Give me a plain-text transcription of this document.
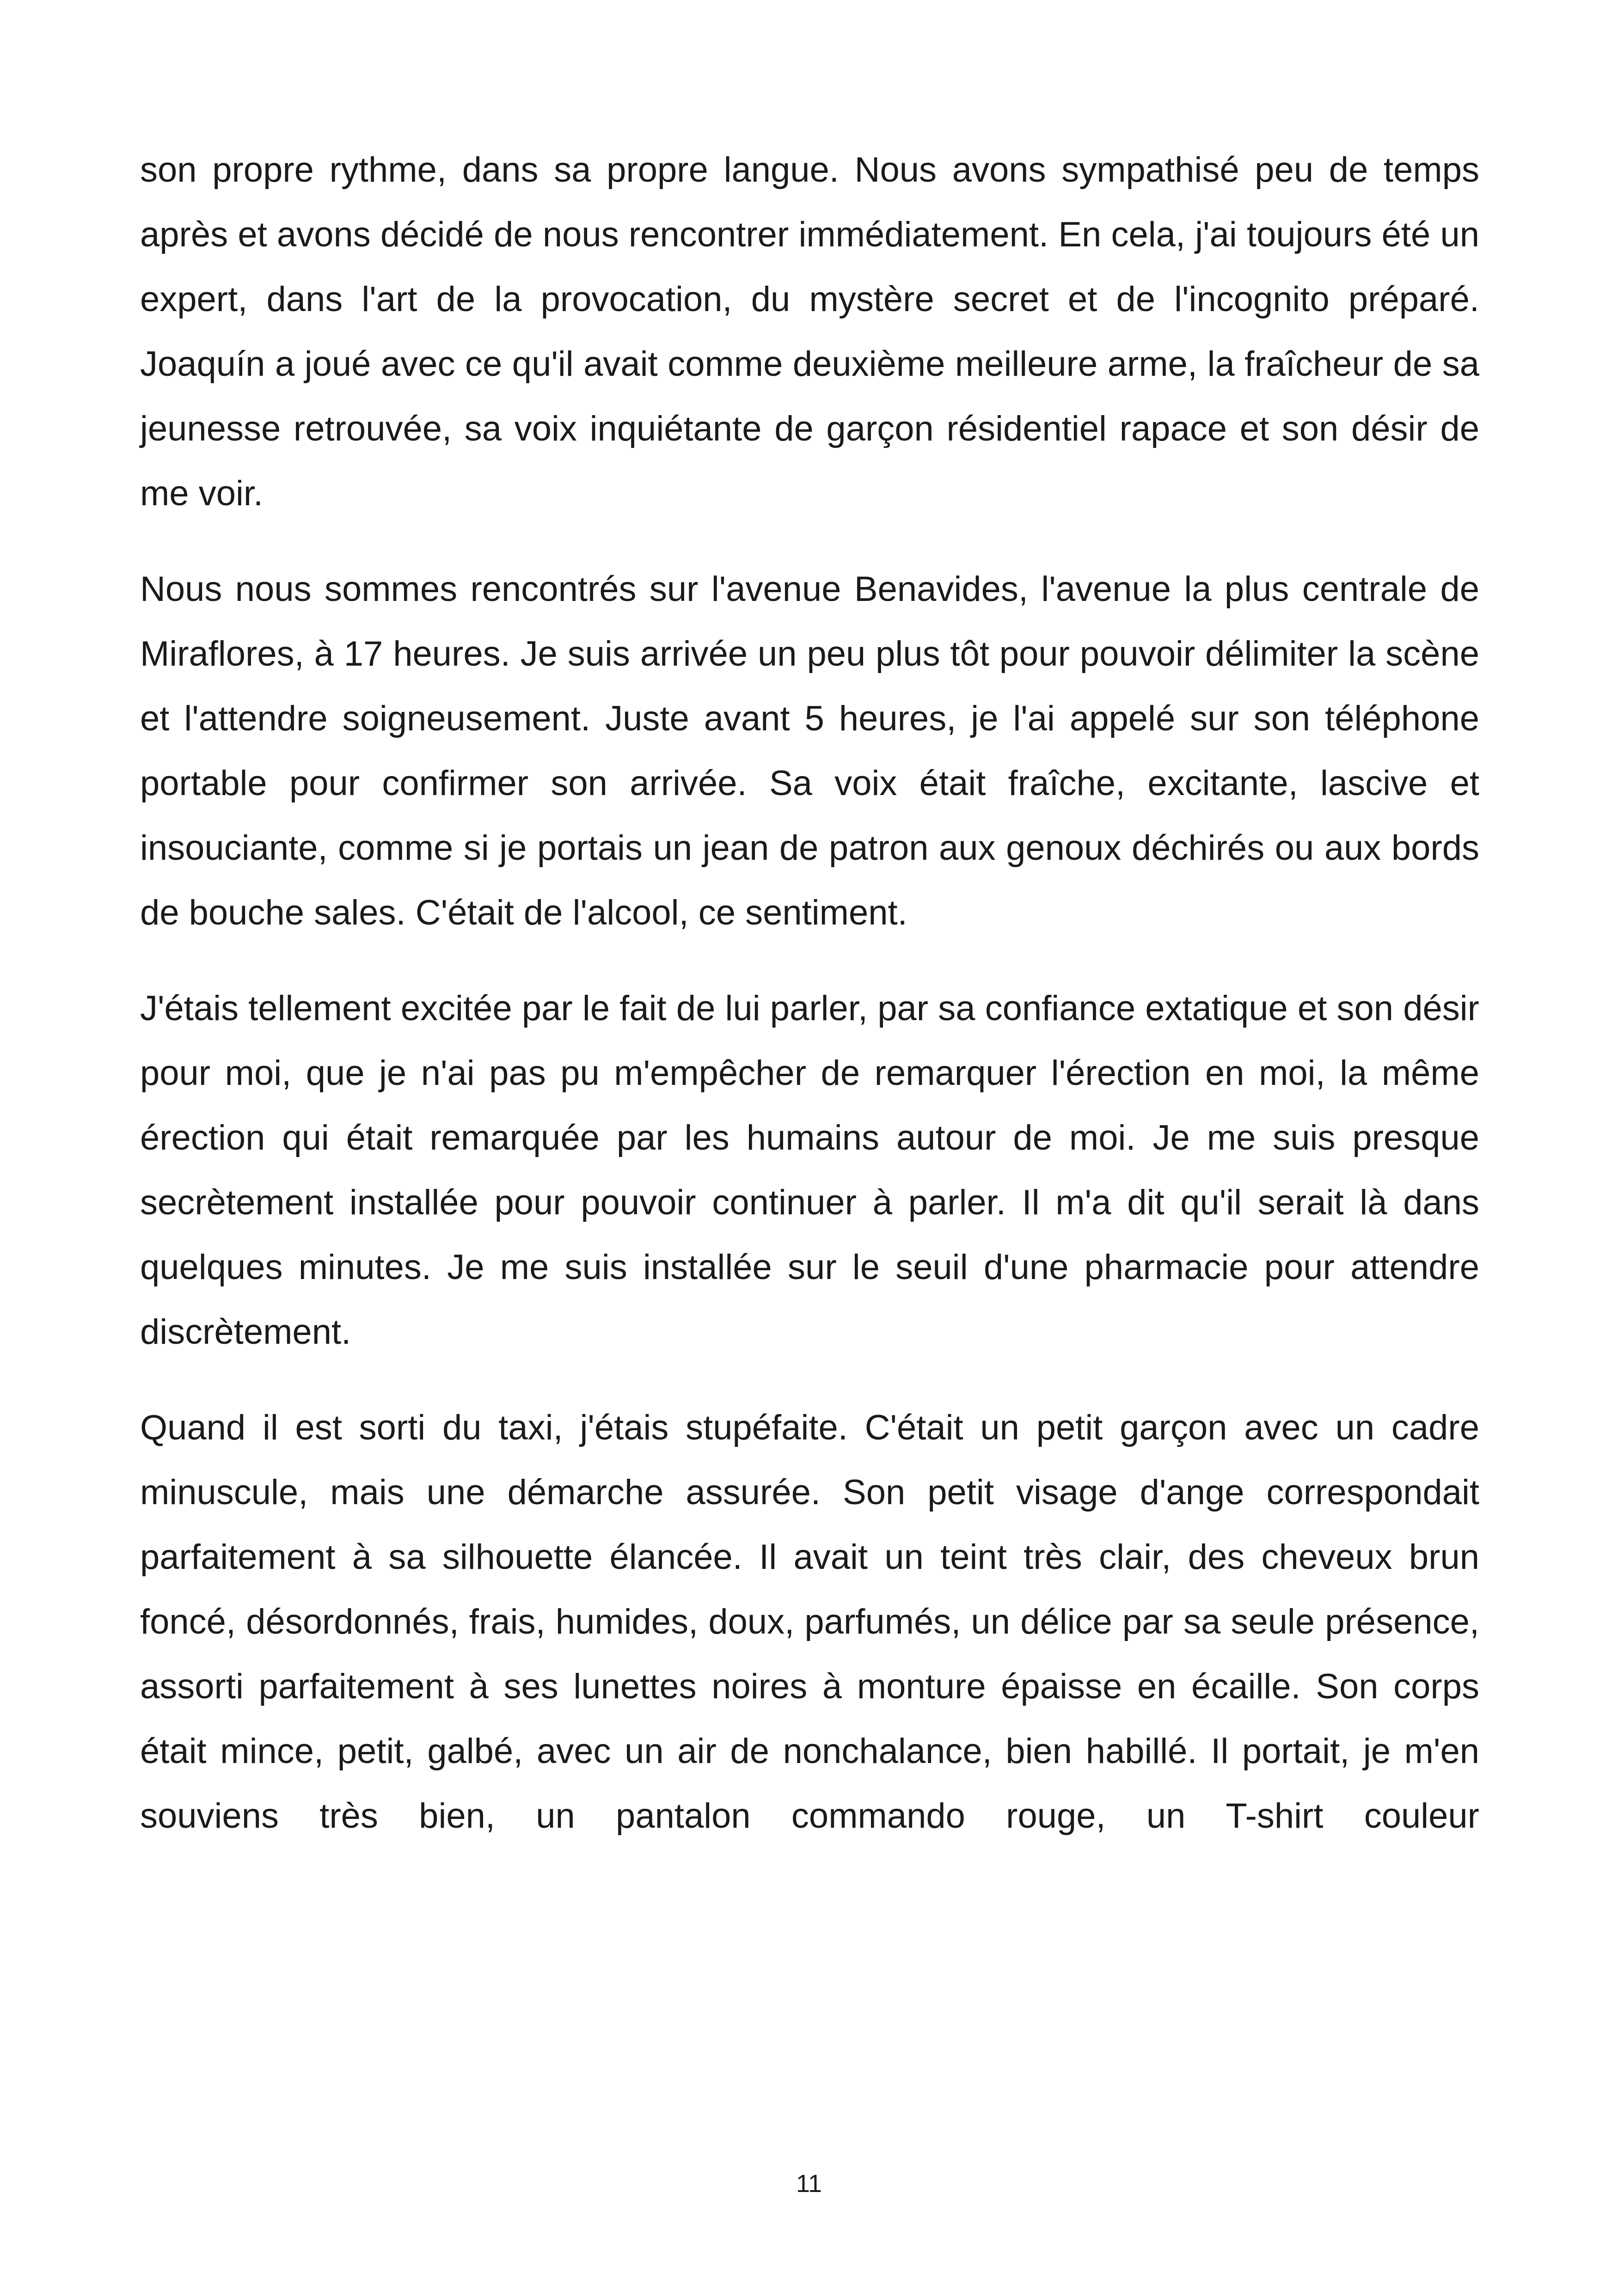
son propre rythme, dans sa propre langue. Nous avons sympathisé peu de temps après et avons décidé de nous rencontrer immédiatement. En cela, j'ai toujours été un expert, dans l'art de la provocation, du mystère secret et de l'incognito préparé. Joaquín a joué avec ce qu'il avait comme deuxième meilleure arme, la fraîcheur de sa jeunesse retrouvée, sa voix inquiétante de garçon résidentiel rapace et son désir de me voir.

Nous nous sommes rencontrés sur l'avenue Benavides, l'avenue la plus centrale de Miraflores, à 17 heures. Je suis arrivée un peu plus tôt pour pouvoir délimiter la scène et l'attendre soigneusement. Juste avant 5 heures, je l'ai appelé sur son téléphone portable pour confirmer son arrivée. Sa voix était fraîche, excitante, lascive et insouciante, comme si je portais un jean de patron aux genoux déchirés ou aux bords de bouche sales. C'était de l'alcool, ce sentiment.

J'étais tellement excitée par le fait de lui parler, par sa confiance extatique et son désir pour moi, que je n'ai pas pu m'empêcher de remarquer l'érection en moi, la même érection qui était remarquée par les humains autour de moi. Je me suis presque secrètement installée pour pouvoir continuer à parler. Il m'a dit qu'il serait là dans quelques minutes. Je me suis installée sur le seuil d'une pharmacie pour attendre discrètement.

Quand il est sorti du taxi, j'étais stupéfaite. C'était un petit garçon avec un cadre minuscule, mais une démarche assurée. Son petit visage d'ange correspondait parfaitement à sa silhouette élancée. Il avait un teint très clair, des cheveux brun foncé, désordonnés, frais, humides, doux, parfumés, un délice par sa seule présence, assorti parfaitement à ses lunettes noires à monture épaisse en écaille. Son corps était mince, petit, galbé, avec un air de nonchalance, bien habillé. Il portait, je m'en souviens très bien, un pantalon commando rouge, un T-shirt couleur

11
